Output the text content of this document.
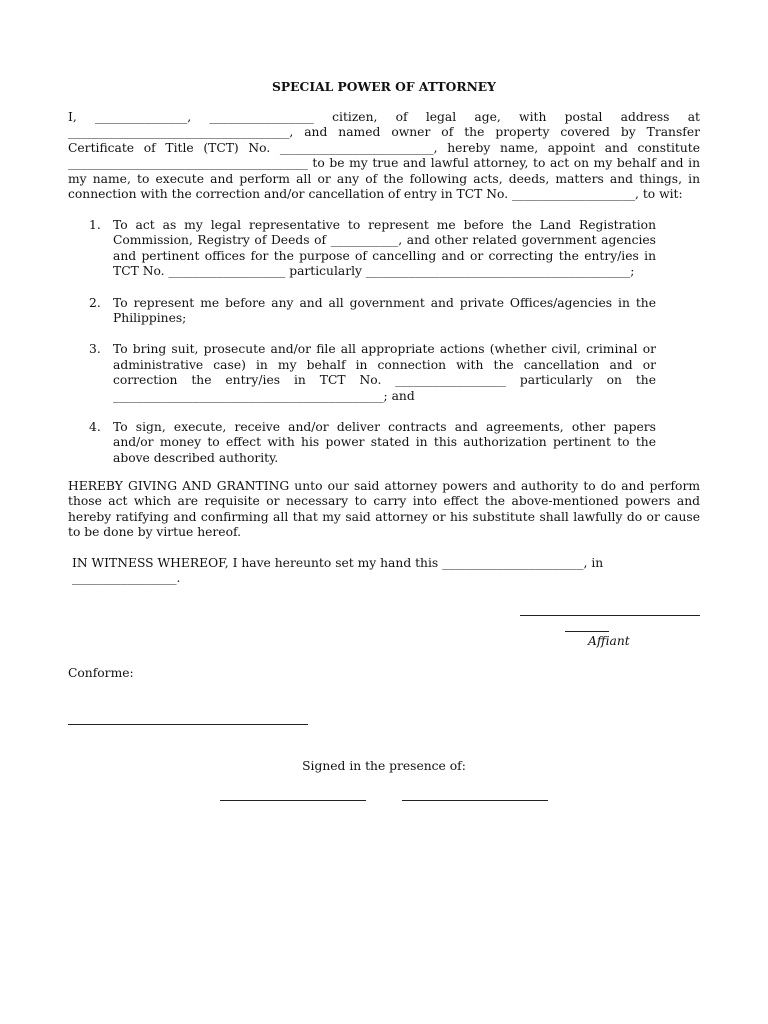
SPECIAL POWER OF ATTORNEY
I, _______________, _________________ citizen, of legal age, with postal address at ____________________________________, and named owner of the property covered by Transfer Certificate of Title (TCT) No. _________________________, hereby name, appoint and constitute _______________________________________ to be my true and lawful attorney, to act on my behalf and in my name, to execute and perform all or any of the following acts, deeds, matters and things, in connection with the correction and/or cancellation of entry in TCT No. ____________________, to wit:
1. To act as my legal representative to represent me before the Land Registration Commission, Registry of Deeds of ___________, and other related government agencies and pertinent offices for the purpose of cancelling and or correcting the entry/ies in TCT No. ___________________ particularly ___________________________________________;
2. To represent me before any and all government and private Offices/agencies in the Philippines;
3. To bring suit, prosecute and/or file all appropriate actions (whether civil, criminal or administrative case) in my behalf in connection with the cancellation and or correction the entry/ies in TCT No. __________________ particularly on the ____________________________________________; and
4. To sign, execute, receive and/or deliver contracts and agreements, other papers and/or money to effect with his power stated in this authorization pertinent to the above described authority.
HEREBY GIVING AND GRANTING unto our said attorney powers and authority to do and perform those act which are requisite or necessary to carry into effect the above-mentioned powers and hereby ratifying and confirming all that my said attorney or his substitute shall lawfully do or cause to be done by virtue hereof.
IN WITNESS WHEREOF, I have hereunto set my hand this _______________________, in _________________.
Affiant
Conforme:
Signed in the presence of:
